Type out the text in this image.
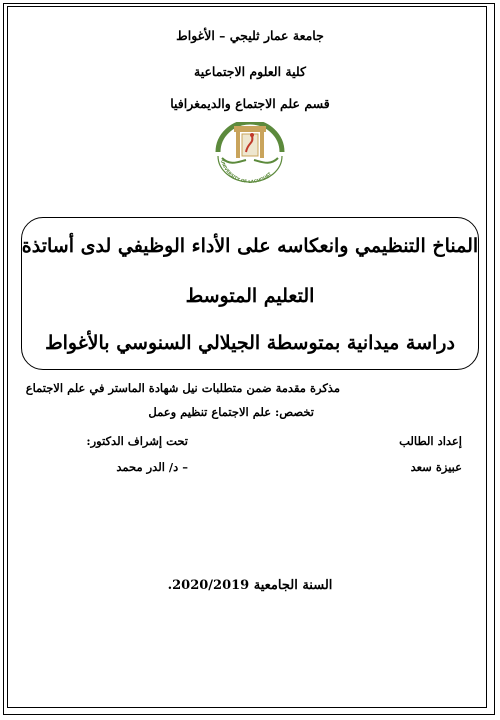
جامعة عمار ثليجي – الأغواط
كلية العلوم الاجتماعية
قسم علم الاجتماع والديمغرافيا
UNIVERSITY OF LAGHOUAT
المناخ التنظيمي وانعكاسه على الأداء الوظيفي لدى أساتذة
التعليم المتوسط
دراسة ميدانية بمتوسطة الجيلالي السنوسي بالأغواط
مذكرة مقدمة ضمن متطلبات نيل شهادة الماستر في علم الاجتماع
تخصص: علم الاجتماع تنظيم وعمل
إعداد الطالب
تحت إشراف الدكتور:
عبيزة سعد
– د/ الدر محمد
السنة الجامعية 2020/2019.
